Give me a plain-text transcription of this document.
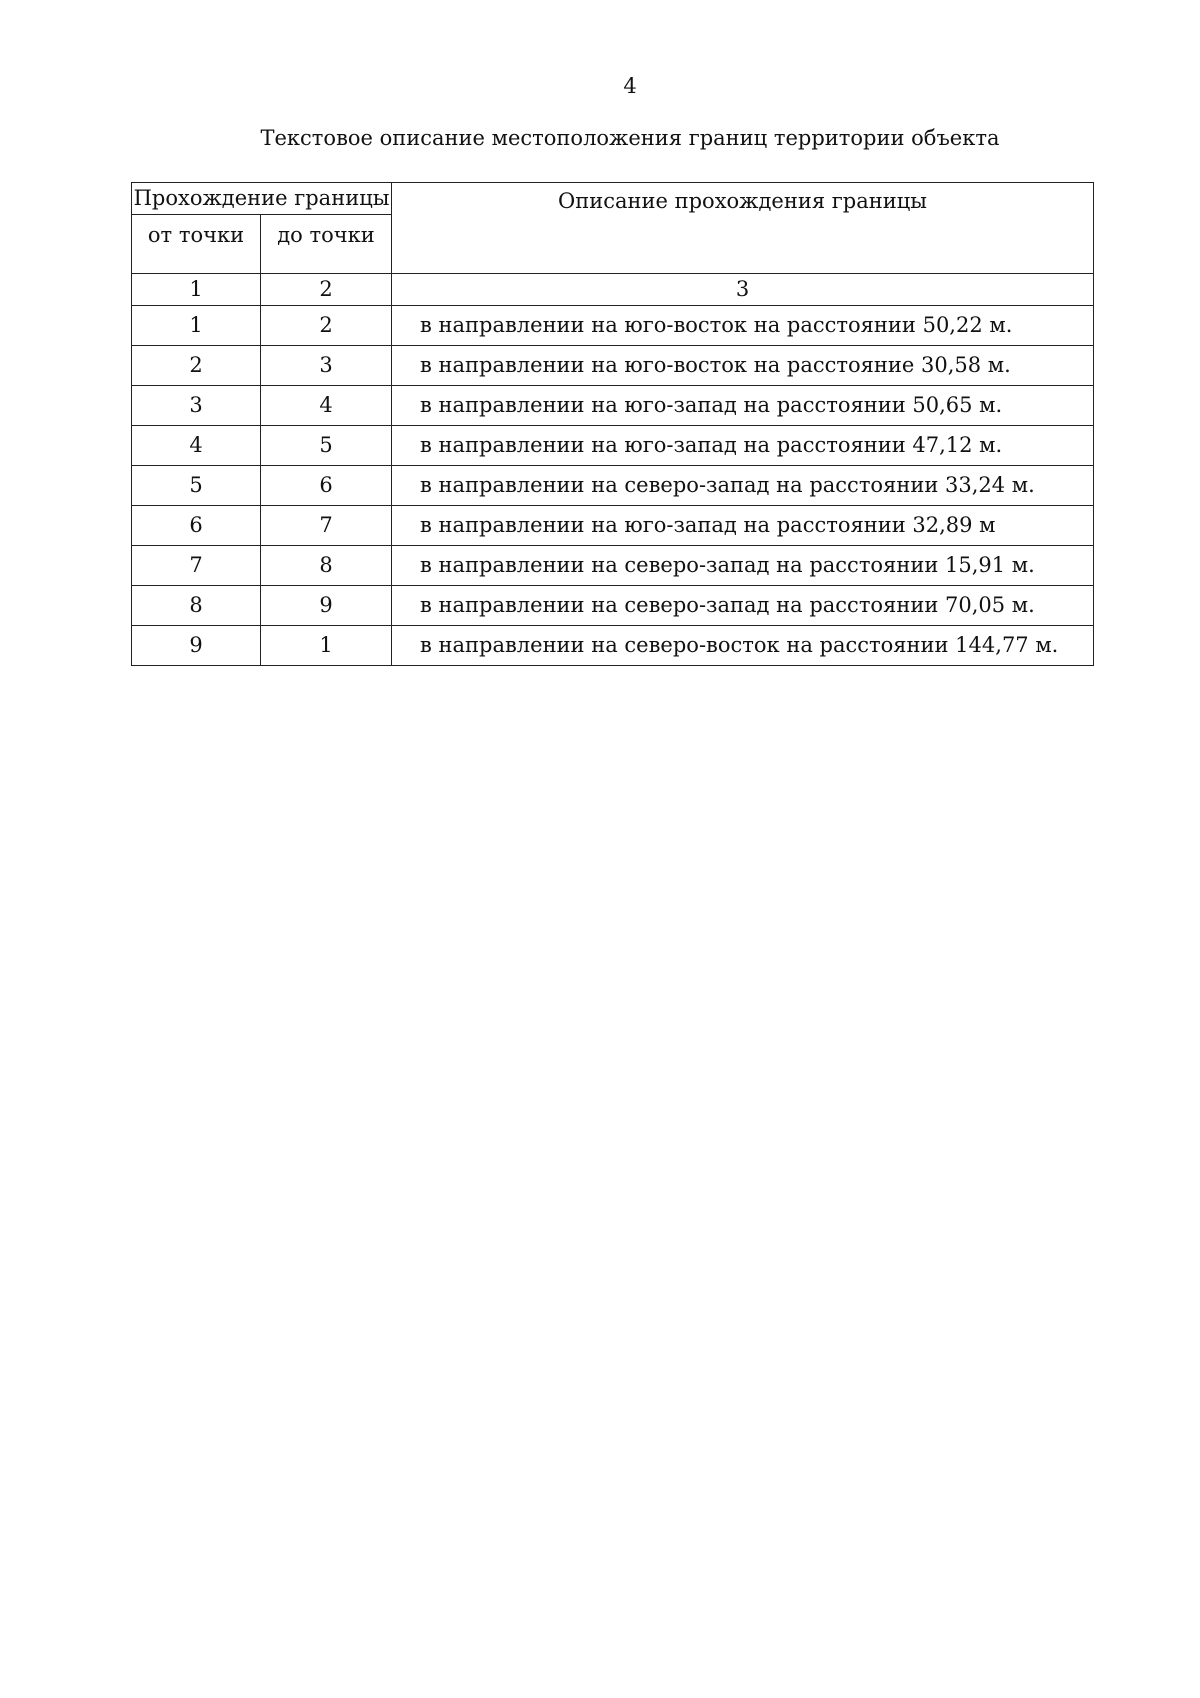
4
Текстовое описание местоположения границ территории объекта
Прохождение границы		Описание прохождения границы
от точки	до точки	
1	2	3
1	2	в направлении на юго-восток на расстоянии 50,22 м.
2	3	в направлении на юго-восток на расстояние 30,58 м.
3	4	в направлении на юго-запад на расстоянии 50,65 м.
4	5	в направлении на юго-запад на расстоянии 47,12 м.
5	6	в направлении на северо-запад на расстоянии 33,24 м.
6	7	в направлении на юго-запад на расстоянии 32,89 м
7	8	в направлении на северо-запад на расстоянии 15,91 м.
8	9	в направлении на северо-запад на расстоянии 70,05 м.
9	1	в направлении на северо-восток на расстоянии 144,77 м.
